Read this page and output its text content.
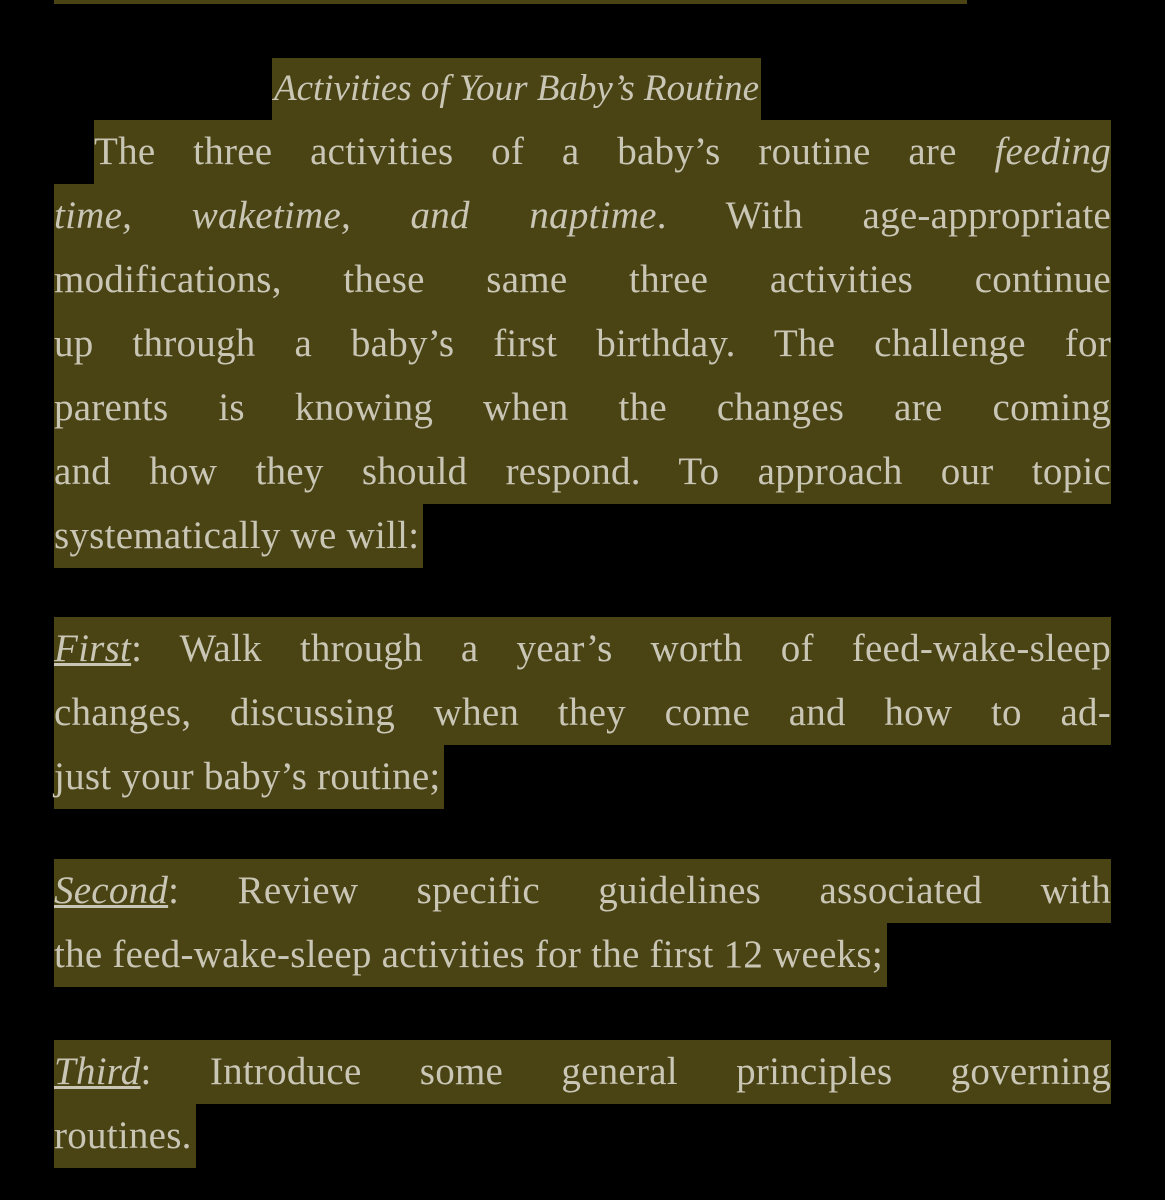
Activities of Your Baby’s Routine
The three activities of a baby’s routine are feeding
time, waketime, and naptime. With age-appropriate
modifications, these same three activities continue
up through a baby’s first birthday. The challenge for
parents is knowing when the changes are coming
and how they should respond. To approach our topic
systematically we will:
First: Walk through a year’s worth of feed-wake-sleep
changes, discussing when they come and how to ad-
just your baby’s routine;
Second: Review specific guidelines associated with
the feed-wake-sleep activities for the first 12 weeks;
Third: Introduce some general principles governing
routines.
